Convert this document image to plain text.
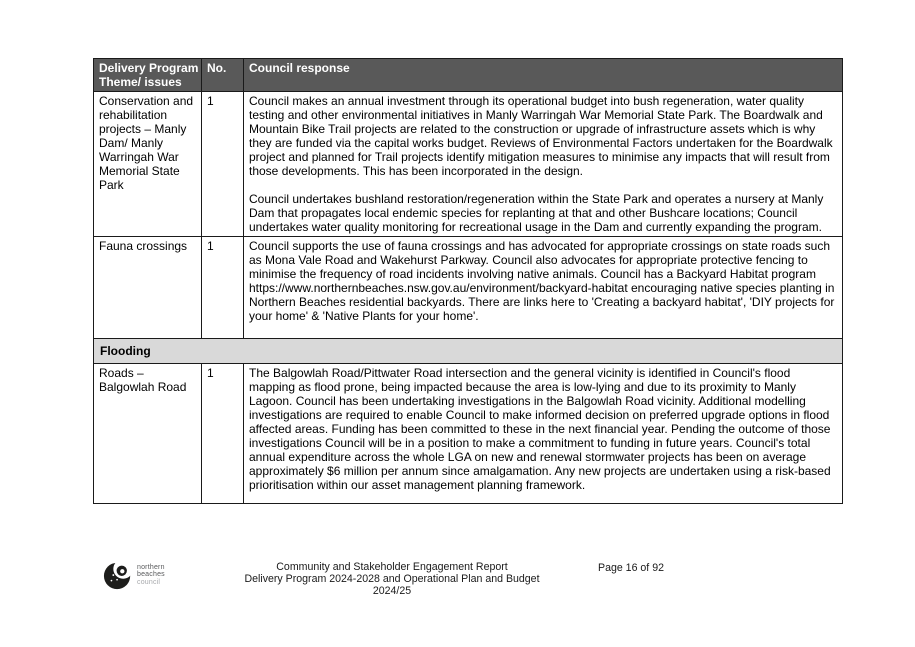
Delivery Program Theme/ issues	No.	Council response
Conservation and rehabilitation projects – Manly Dam/ Manly Warringah War Memorial State Park	1	Council makes an annual investment through its operational budget into bush regeneration, water quality testing and other environmental initiatives in Manly Warringah War Memorial State Park. The Boardwalk and Mountain Bike Trail projects are related to the construction or upgrade of infrastructure assets which is why they are funded via the capital works budget. Reviews of Environmental Factors undertaken for the Boardwalk project and planned for Trail projects identify mitigation measures to minimise any impacts that will result from those developments. This has been incorporated in the design.

Council undertakes bushland restoration/regeneration within the State Park and operates a nursery at Manly Dam that propagates local endemic species for replanting at that and other Bushcare locations; Council undertakes water quality monitoring for recreational usage in the Dam and currently expanding the program.

Fauna crossings	1	Council supports the use of fauna crossings and has advocated for appropriate crossings on state roads such as Mona Vale Road and Wakehurst Parkway. Council also advocates for appropriate protective fencing to minimise the frequency of road incidents involving native animals. Council has a Backyard Habitat program https://www.northernbeaches.nsw.gov.au/environment/backyard-habitat encouraging native species planting in Northern Beaches residential backyards. There are links here to 'Creating a backyard habitat', 'DIY projects for your home' & 'Native Plants for your home'.

Flooding		
Roads – Balgowlah Road	1	The Balgowlah Road/Pittwater Road intersection and the general vicinity is identified in Council's flood mapping as flood prone, being impacted because the area is low-lying and due to its proximity to Manly Lagoon. Council has been undertaking investigations in the Balgowlah Road vicinity. Additional modelling investigations are required to enable Council to make informed decision on preferred upgrade options in flood affected areas. Funding has been committed to these in the next financial year. Pending the outcome of those investigations Council will be in a position to make a commitment to funding in future years. Council's total annual expenditure across the whole LGA on new and renewal stormwater projects has been on average approximately $6 million per annum since amalgamation. Any new projects are undertaken using a risk-based prioritisation within our asset management planning framework.

northern
beaches
council
Community and Stakeholder Engagement Report
Delivery Program 2024-2028 and Operational Plan and Budget 2024/25
Page 16 of 92
